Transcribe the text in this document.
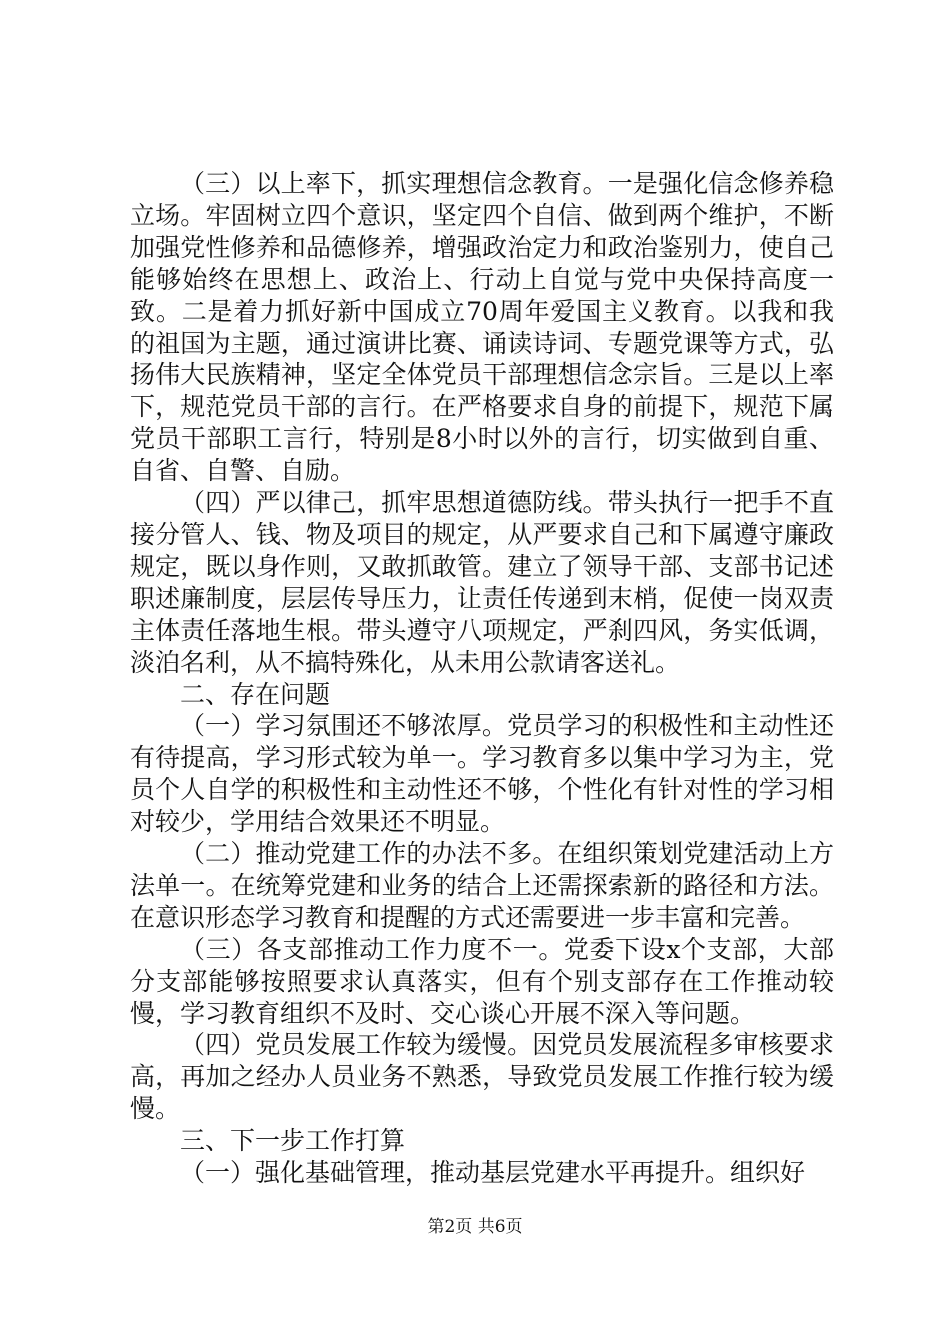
（三）以上率下，抓实理想信念教育。一是强化信念修养稳立场。牢固树立四个意识，坚定四个自信、做到两个维护，不断加强党性修养和品德修养，增强政治定力和政治鉴别力，使自己能够始终在思想上、政治上、行动上自觉与党中央保持高度一致。二是着力抓好新中国成立70周年爱国主义教育。以我和我的祖国为主题，通过演讲比赛、诵读诗词、专题党课等方式，弘扬伟大民族精神，坚定全体党员干部理想信念宗旨。三是以上率下，规范党员干部的言行。在严格要求自身的前提下，规范下属党员干部职工言行，特别是8小时以外的言行，切实做到自重、自省、自警、自励。

（四）严以律己，抓牢思想道德防线。带头执行一把手不直接分管人、钱、物及项目的规定，从严要求自己和下属遵守廉政规定，既以身作则，又敢抓敢管。建立了领导干部、支部书记述职述廉制度，层层传导压力，让责任传递到末梢，促使一岗双责主体责任落地生根。带头遵守八项规定，严刹四风，务实低调，淡泊名利，从不搞特殊化，从未用公款请客送礼。

二、存在问题

（一）学习氛围还不够浓厚。党员学习的积极性和主动性还有待提高，学习形式较为单一。学习教育多以集中学习为主，党员个人自学的积极性和主动性还不够，个性化有针对性的学习相对较少，学用结合效果还不明显。

（二）推动党建工作的办法不多。在组织策划党建活动上方法单一。在统筹党建和业务的结合上还需探索新的路径和方法。在意识形态学习教育和提醒的方式还需要进一步丰富和完善。

（三）各支部推动工作力度不一。党委下设x个支部，大部分支部能够按照要求认真落实，但有个别支部存在工作推动较慢，学习教育组织不及时、交心谈心开展不深入等问题。

（四）党员发展工作较为缓慢。因党员发展流程多审核要求高，再加之经办人员业务不熟悉，导致党员发展工作推行较为缓慢。

三、下一步工作打算

（一）强化基础管理，推动基层党建水平再提升。组织好

第2页 共6页
